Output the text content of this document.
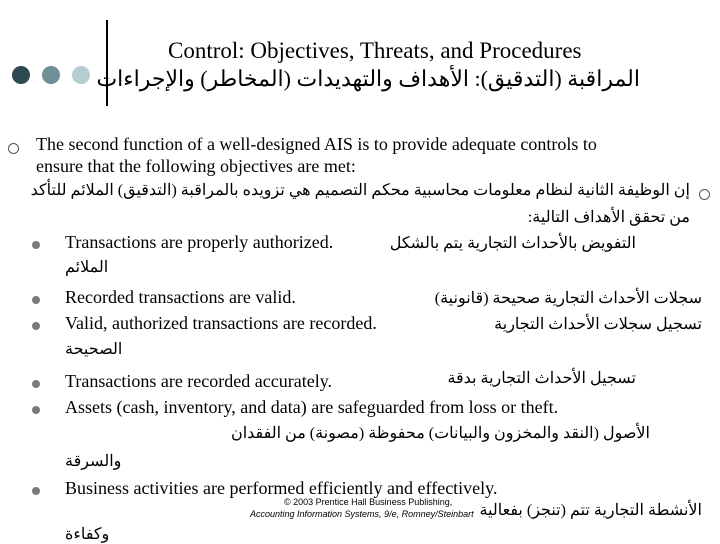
Control: Objectives, Threats, and Procedures
المراقبة (التدقيق): الأهداف والتهديدات (المخاطر) والإجراءات
The second function of a well-designed AIS is to provide adequate controls to
ensure that the following objectives are met:
إن الوظيفة الثانية لنظام معلومات محاسبية محكم التصميم هي تزويده بالمراقبة (التدقيق) الملائم للتأكد
من تحقق الأهداف التالية:
Transactions are properly authorized.	التفويض بالأحداث التجارية يتم بالشكل
الملائم
Recorded transactions are valid.	سجلات الأحداث التجارية صحيحة (قانونية)
Valid, authorized transactions are recorded.	تسجيل سجلات الأحداث التجارية
الصحيحة
Transactions are recorded accurately.	تسجيل الأحداث التجارية بدقة
Assets (cash, inventory, and data) are safeguarded from loss or theft.
الأصول (النقد والمخزون والبيانات) محفوظة (مصونة) من الفقدان
والسرقة
Business activities are performed efficiently and effectively.
الأنشطة التجارية تتم (تنجز) بفعالية
وكفاءة
© 2003 Prentice Hall Business Publishing,
Accounting Information Systems, 9/e, Romney/Steinbart
